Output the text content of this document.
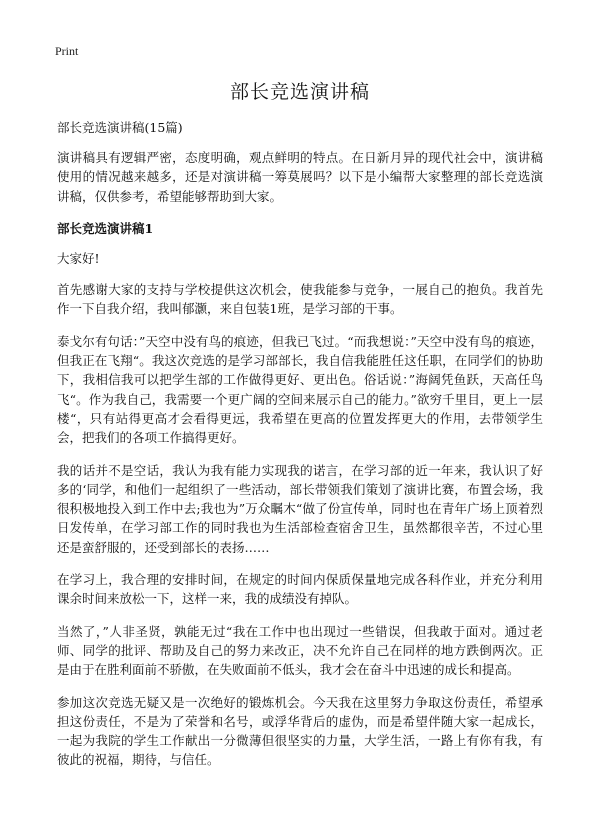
Print
部长竞选演讲稿
部长竞选演讲稿(15篇)

演讲稿具有逻辑严密，态度明确，观点鲜明的特点。在日新月异的现代社会中，演讲稿使用的情况越来越多，还是对演讲稿一筹莫展吗？以下是小编帮大家整理的部长竞选演讲稿，仅供参考，希望能够帮助到大家。

部长竞选演讲稿1

大家好!

首先感谢大家的支持与学校提供这次机会，使我能参与竞争，一展自己的抱负。我首先作一下自我介绍，我叫郁灏，来自包装1班，是学习部的干事。

泰戈尔有句话：”天空中没有鸟的痕迹，但我已飞过。“而我想说：”天空中没有鸟的痕迹，但我正在飞翔“。我这次竞选的是学习部部长，我自信我能胜任这任职，在同学们的协助下，我相信我可以把学生部的工作做得更好、更出色。俗话说：”海阔凭鱼跃，天高任鸟飞“。作为我自己，我需要一个更广阔的空间来展示自己的能力。”欲穷千里目，更上一层楼“，只有站得更高才会看得更远，我希望在更高的位置发挥更大的作用，去带领学生会，把我们的各项工作搞得更好。

我的话并不是空话，我认为我有能力实现我的诺言，在学习部的近一年来，我认识了好多的‘同学，和他们一起组织了一些活动，部长带领我们策划了演讲比赛，布置会场，我很积极地投入到工作中去;我也为”万众瞩木“做了份宣传单，同时也在青年广场上顶着烈日发传单，在学习部工作的同时我也为生活部检查宿舍卫生，虽然都很辛苦，不过心里还是蛮舒服的，还受到部长的表扬……

在学习上，我合理的安排时间，在规定的时间内保质保量地完成各科作业，并充分利用课余时间来放松一下，这样一来，我的成绩没有掉队。

当然了，”人非圣贤，孰能无过“我在工作中也出现过一些错误，但我敢于面对。通过老师、同学的批评、帮助及自己的努力来改正，决不允许自己在同样的地方跌倒两次。正是由于在胜利面前不骄傲，在失败面前不低头，我才会在奋斗中迅速的成长和提高。

参加这次竞选无疑又是一次绝好的锻炼机会。今天我在这里努力争取这份责任，希望承担这份责任，不是为了荣誉和名号，或浮华背后的虚伪，而是希望伴随大家一起成长，一起为我院的学生工作献出一分微薄但很坚实的力量，大学生活，一路上有你有我，有彼此的祝福，期待，与信任。
